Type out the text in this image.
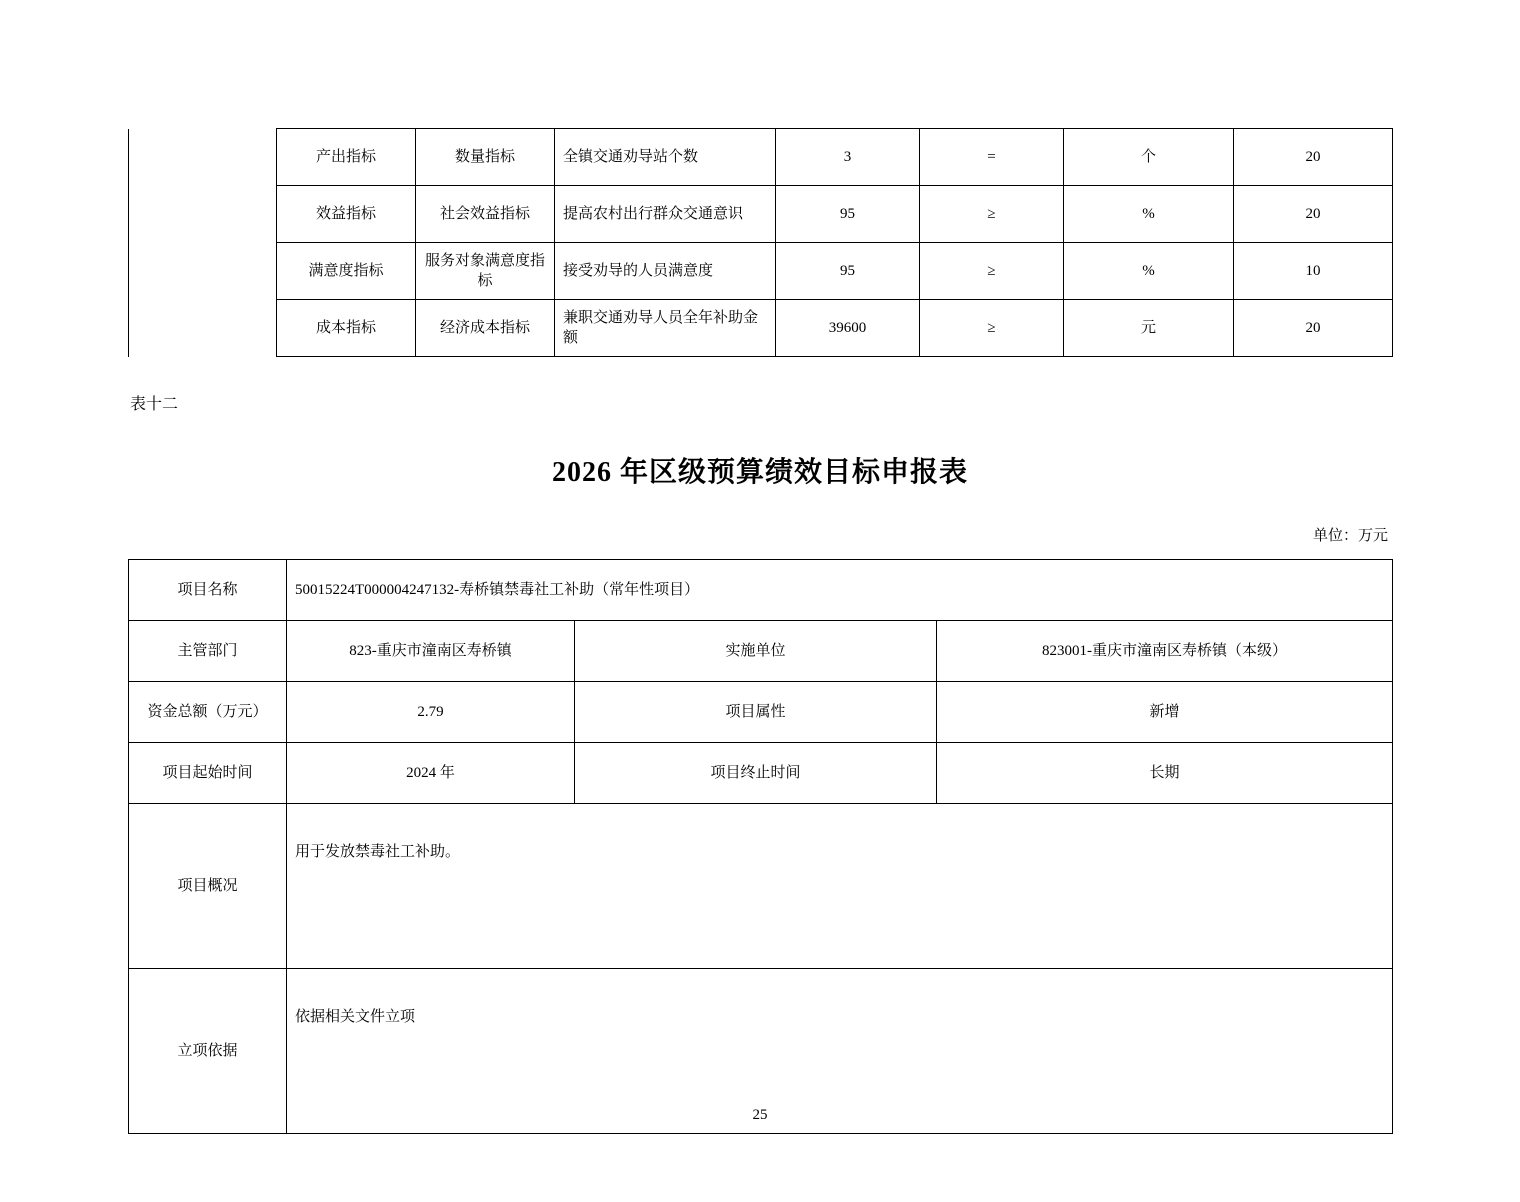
	产出指标	数量指标	全镇交通劝导站个数	3	=	个	20
	效益指标	社会效益指标	提高农村出行群众交通意识	95	≥	%	20
	满意度指标	服务对象满意度指标	接受劝导的人员满意度	95	≥	%	10
	成本指标	经济成本指标	兼职交通劝导人员全年补助金额	39600	≥	元	20
表十二
2026 年区级预算绩效目标申报表
单位：万元
项目名称	50015224T000004247132-寿桥镇禁毒社工补助（常年性项目）		
主管部门	823-重庆市潼南区寿桥镇	实施单位	823001-重庆市潼南区寿桥镇（本级）
资金总额（万元）	2.79	项目属性	新增
项目起始时间	2024 年	项目终止时间	长期
项目概况	用于发放禁毒社工补助。		
立项依据	依据相关文件立项		
25
